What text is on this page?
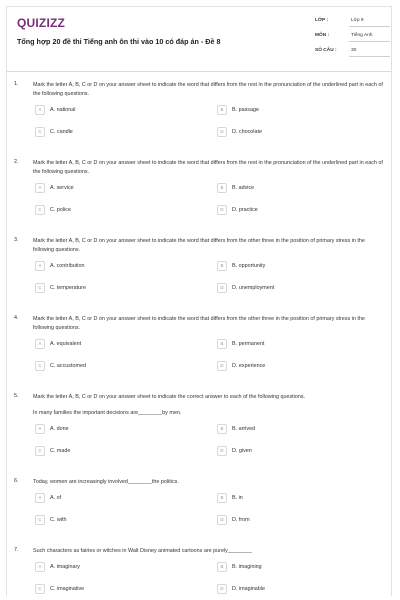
QUIZIZZ
Tổng hợp 20 đề thi Tiếng anh ôn thi vào 10 có đáp án - Đề 8
LỚP :	Lớp 9
MÔN :	Tiếng Anh
SỐ CÂU :	30
1.	Mark the letter A, B, C or D on your answer sheet to indicate the word that differs from the rest in the pronunciation of the underlined part in each of the following questions.
A	A. national	B	B. passage
C	C. candle	D	D. chocolate
2.	Mark the letter A, B, C or D on your answer sheet to indicate the word that differs from the rest in the pronunciation of the underlined part in each of the following questions.
A	A. service	B	B. advice
C	C. police	D	D. practice
3.	Mark the letter A, B, C or D on your answer sheet to indicate the word that differs from the other three in the position of primary stress in the following questions.
A	A. contribution	B	B. opportunity
C	C. temperature	D	D. unemployment
4.	Mark the letter A, B, C or D on your answer sheet to indicate the word that differs from the other three in the position of primary stress in the following questions.
A	A. equivalent	B	B. permanent
C	C. accustomed	D	D. experience
5.	Mark the letter A, B, C or D on your answer sheet to indicate the correct answer to each of the following questions.
In many families the important decisions are________by men.
A	A. done	B	B. arrived
C	C. made	D	D. given
6.	Today, women are increasingly involved________the politics.
A	A. of	B	B. in
C	C. with	D	D. from
7.	Such characters as fairies or witches in Walt Disney animated cartoons are purely________
A	A. imaginary	B	B. imagining
C	C. imaginative	D	D. imaginable
